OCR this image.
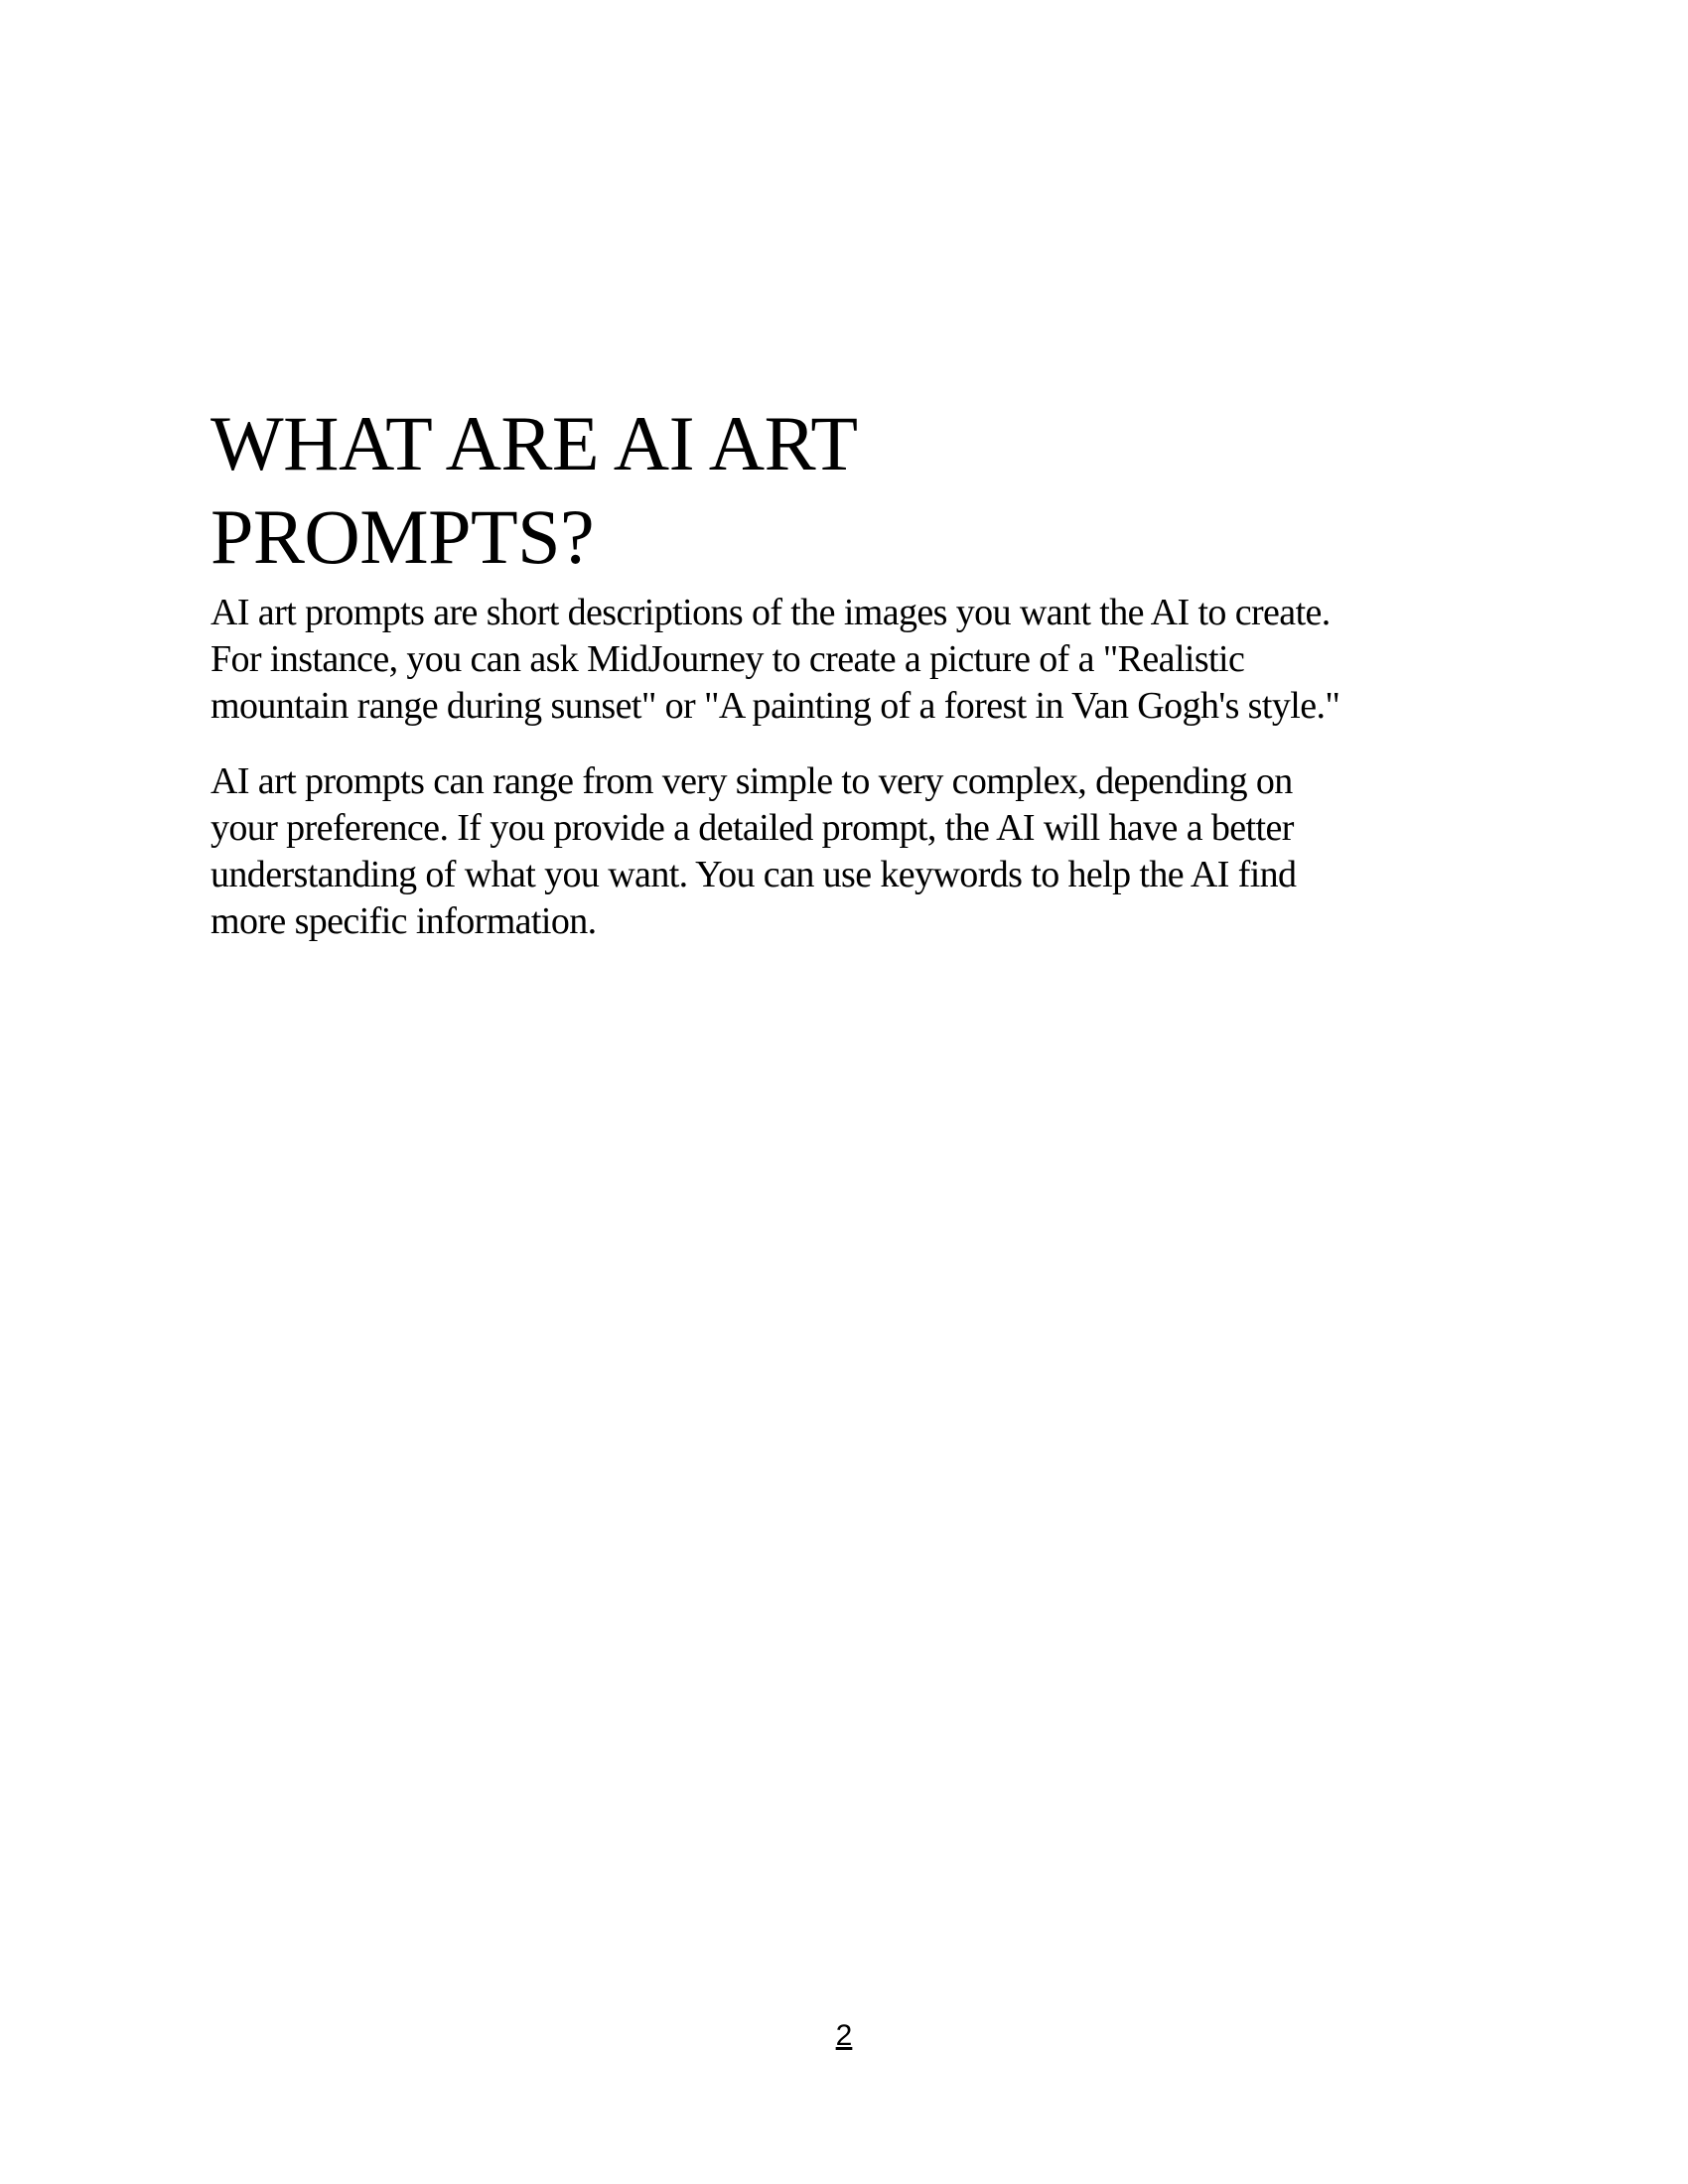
WHAT ARE AI ART PROMPTS?

AI art prompts are short descriptions of the images you want the AI to create.
For instance, you can ask MidJourney to create a picture of a "Realistic
mountain range during sunset" or "A painting of a forest in Van Gogh's style."

AI art prompts can range from very simple to very complex, depending on
your preference. If you provide a detailed prompt, the AI will have a better
understanding of what you want. You can use keywords to help the AI find
more specific information.

2
